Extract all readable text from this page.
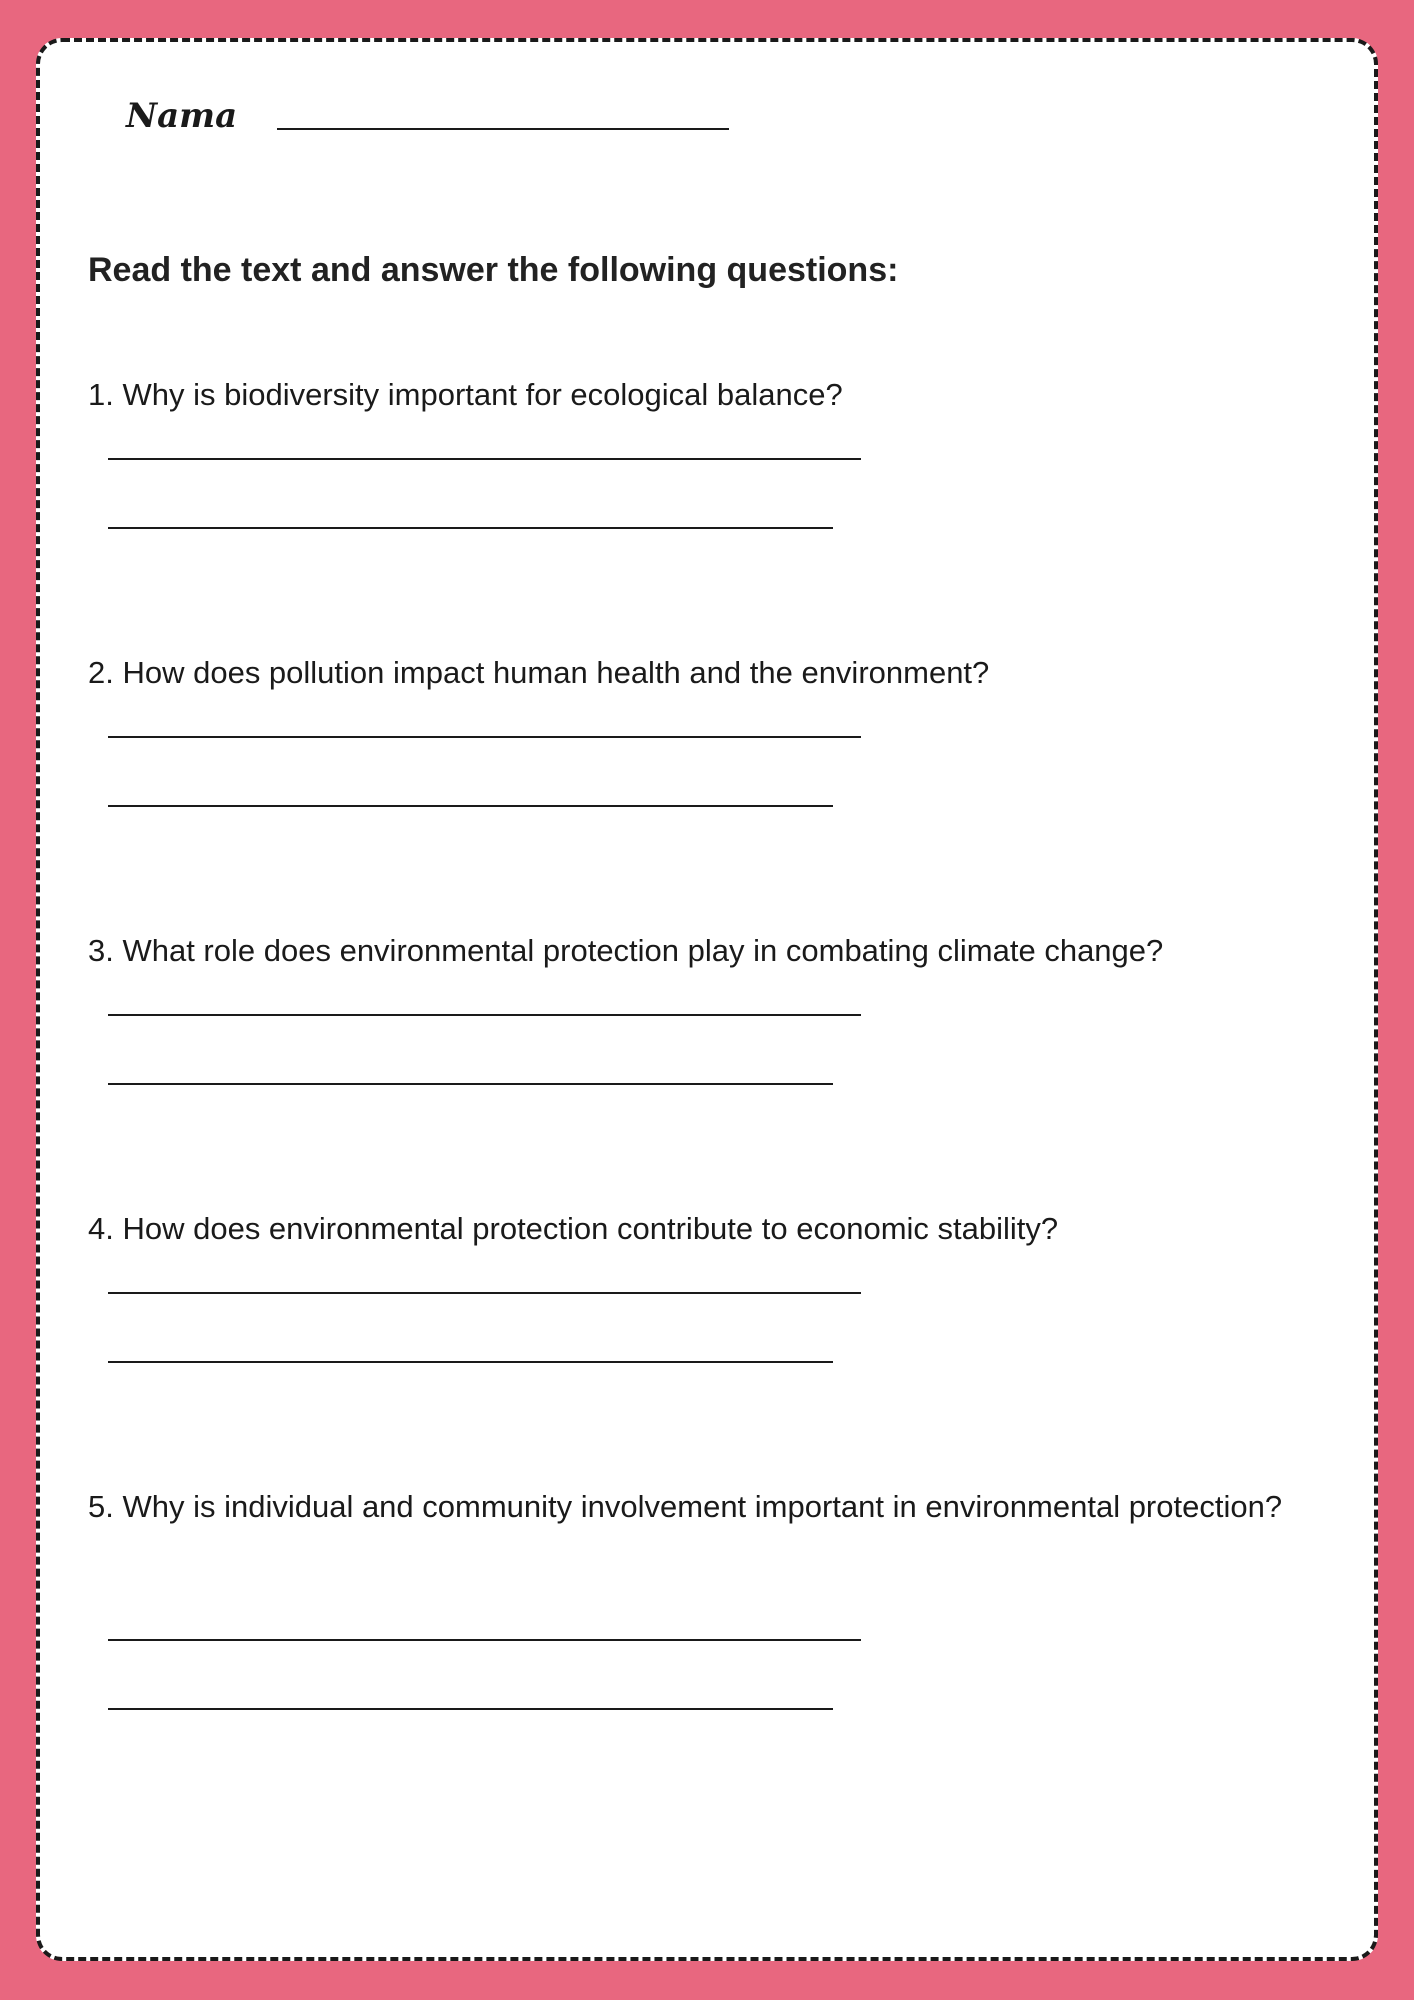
Nama
Read the text and answer the following questions:

1. Why is biodiversity important for ecological balance?

2. How does pollution impact human health and the environment?

3. What role does environmental protection play in combating climate change?

4. How does environmental protection contribute to economic stability?

5. Why is individual and community involvement important in environmental protection?
